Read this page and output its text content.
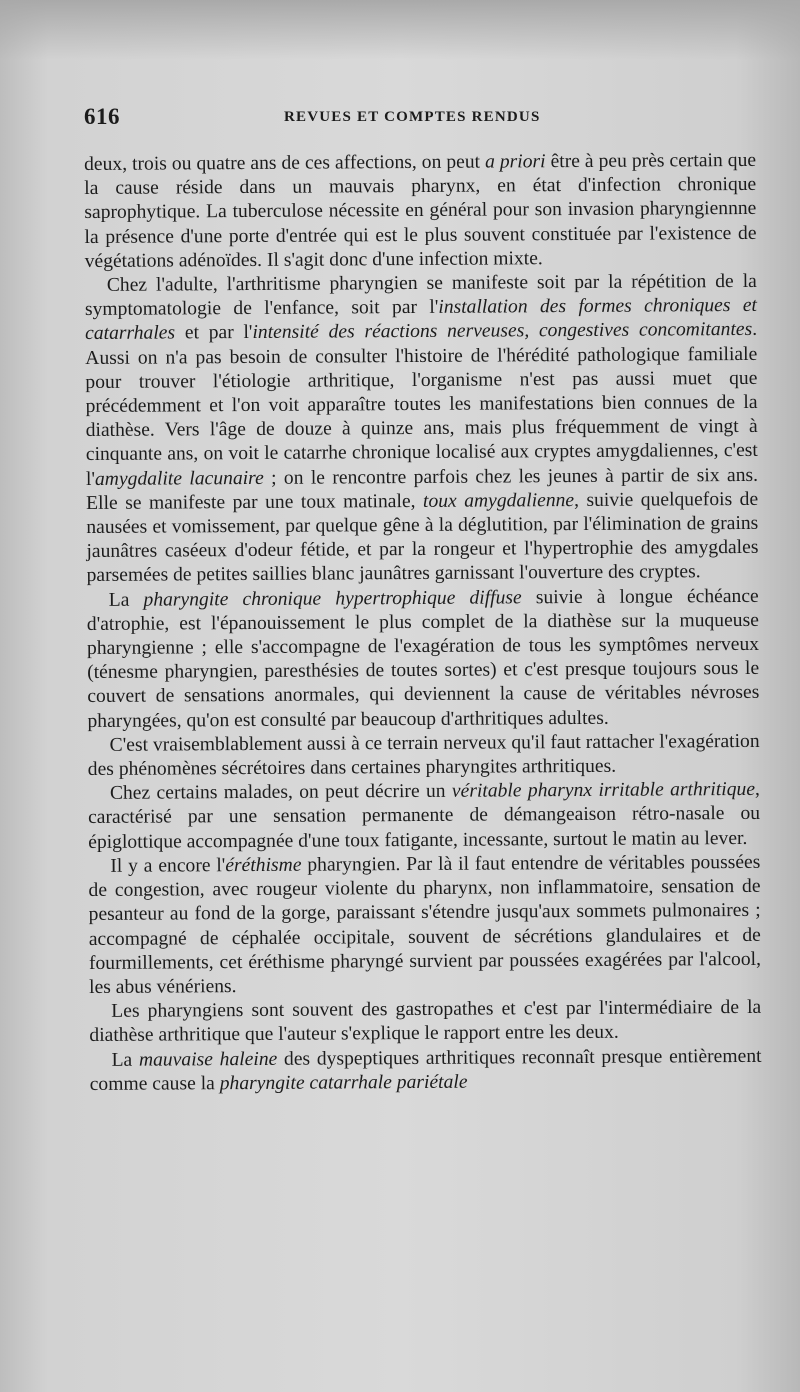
616	REVUES ET COMPTES RENDUS

deux, trois ou quatre ans de ces affections, on peut a priori être à peu près certain que la cause réside dans un mauvais pharynx, en état d'infection chronique saprophytique. La tuberculose nécessite en général pour son invasion pharyngiennne la présence d'une porte d'entrée qui est le plus souvent constituée par l'existence de végétations adénoïdes. Il s'agit donc d'une infection mixte.

Chez l'adulte, l'arthritisme pharyngien se manifeste soit par la répétition de la symptomatologie de l'enfance, soit par l'installation des formes chroniques et catarrhales et par l'intensité des réactions nerveuses, congestives concomitantes. Aussi on n'a pas besoin de consulter l'histoire de l'hérédité pathologique familiale pour trouver l'étiologie arthritique, l'organisme n'est pas aussi muet que précédemment et l'on voit apparaître toutes les manifestations bien connues de la diathèse. Vers l'âge de douze à quinze ans, mais plus fréquemment de vingt à cinquante ans, on voit le catarrhe chronique localisé aux cryptes amygdaliennes, c'est l'amygdalite lacunaire ; on le rencontre parfois chez les jeunes à partir de six ans. Elle se manifeste par une toux matinale, toux amygdalienne, suivie quelquefois de nausées et vomissement, par quelque gêne à la déglutition, par l'élimination de grains jaunâtres caséeux d'odeur fétide, et par la rongeur et l'hypertrophie des amygdales parsemées de petites saillies blanc jaunâtres garnissant l'ouverture des cryptes.

La pharyngite chronique hypertrophique diffuse suivie à longue échéance d'atrophie, est l'épanouissement le plus complet de la diathèse sur la muqueuse pharyngienne ; elle s'accompagne de l'exagération de tous les symptômes nerveux (ténesme pharyngien, paresthésies de toutes sortes) et c'est presque toujours sous le couvert de sensations anormales, qui deviennent la cause de véritables névroses pharyngées, qu'on est consulté par beaucoup d'arthritiques adultes.

C'est vraisemblablement aussi à ce terrain nerveux qu'il faut rattacher l'exagération des phénomènes sécrétoires dans certaines pharyngites arthritiques.

Chez certains malades, on peut décrire un véritable pharynx irritable arthritique, caractérisé par une sensation permanente de démangeaison rétro-nasale ou épiglottique accompagnée d'une toux fatigante, incessante, surtout le matin au lever.

Il y a encore l'éréthisme pharyngien. Par là il faut entendre de véritables poussées de congestion, avec rougeur violente du pharynx, non inflammatoire, sensation de pesanteur au fond de la gorge, paraissant s'étendre jusqu'aux sommets pulmonaires ; accompagné de céphalée occipitale, souvent de sécrétions glandulaires et de fourmillements, cet éréthisme pharyngé survient par poussées exagérées par l'alcool, les abus vénériens.

Les pharyngiens sont souvent des gastropathes et c'est par l'intermédiaire de la diathèse arthritique que l'auteur s'explique le rapport entre les deux.

La mauvaise haleine des dyspeptiques arthritiques reconnaît presque entièrement comme cause la pharyngite catarrhale pariétale
